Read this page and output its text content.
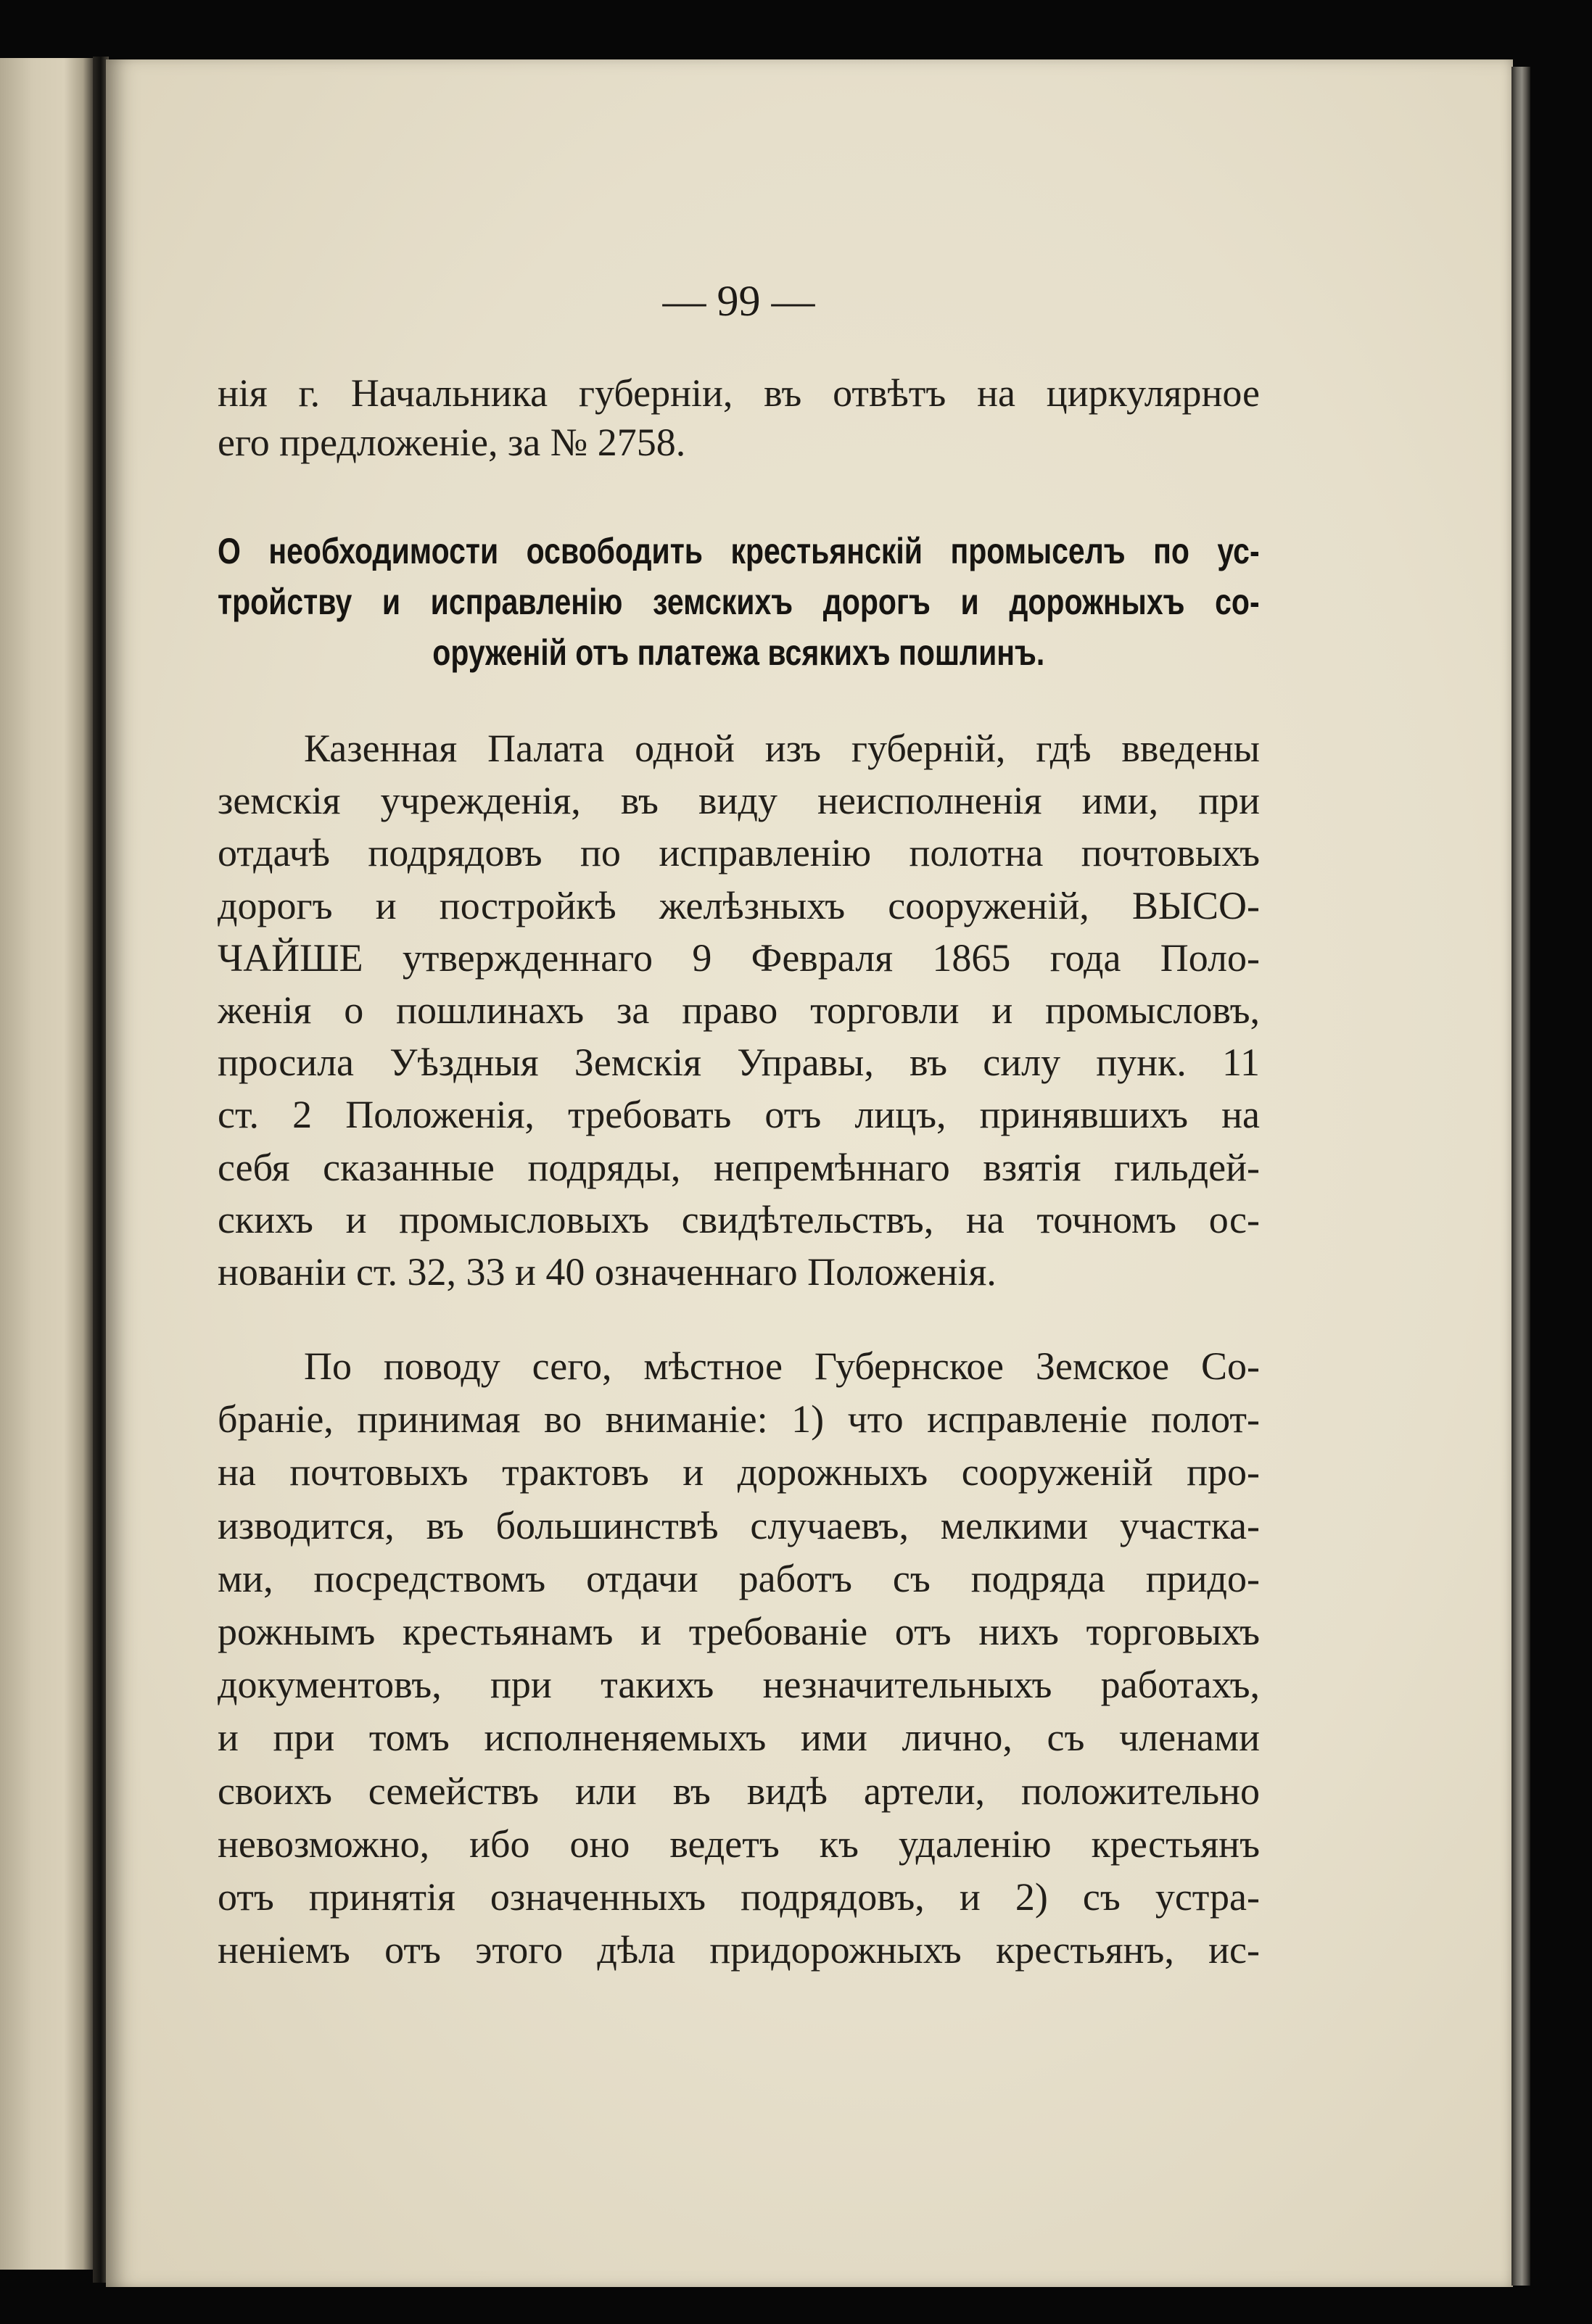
— 99 —
нія г. Начальника губерніи, въ отвѣтъ на циркулярное
его предложеніе, за № 2758.
О необходимости освободить крестьянскій промыселъ по ус-
тройству и исправленію земскихъ дорогъ и дорожныхъ со-
оруженій отъ платежа всякихъ пошлинъ.
Казенная Палата одной изъ губерній, гдѣ введены
земскія учрежденія, въ виду неисполненія ими, при
отдачѣ подрядовъ по исправленію полотна почтовыхъ
дорогъ и постройкѣ желѣзныхъ сооруженій, ВЫСО-
ЧАЙШЕ утвержденнаго 9 Февраля 1865 года Поло-
женія о пошлинахъ за право торговли и промысловъ,
просила Уѣздныя Земскія Управы, въ силу пунк. 11
ст. 2 Положенія, требовать отъ лицъ, принявшихъ на
себя сказанные подряды, непремѣннаго взятія гильдей-
скихъ и промысловыхъ свидѣтельствъ, на точномъ ос-
нованіи ст. 32, 33 и 40 означеннаго Положенія.
По поводу сего, мѣстное Губернское Земское Со-
браніе, принимая во вниманіе: 1) что исправленіе полот-
на почтовыхъ трактовъ и дорожныхъ сооруженій про-
изводится, въ большинствѣ случаевъ, мелкими участка-
ми, посредствомъ отдачи работъ съ подряда придо-
рожнымъ крестьянамъ и требованіе отъ нихъ торговыхъ
документовъ, при такихъ незначительныхъ работахъ,
и при томъ исполненяемыхъ ими лично, съ членами
своихъ семействъ или въ видѣ артели, положительно
невозможно, ибо оно ведетъ къ удаленію крестьянъ
отъ принятія означенныхъ подрядовъ, и 2) съ устра-
неніемъ отъ этого дѣла придорожныхъ крестьянъ, ис-
